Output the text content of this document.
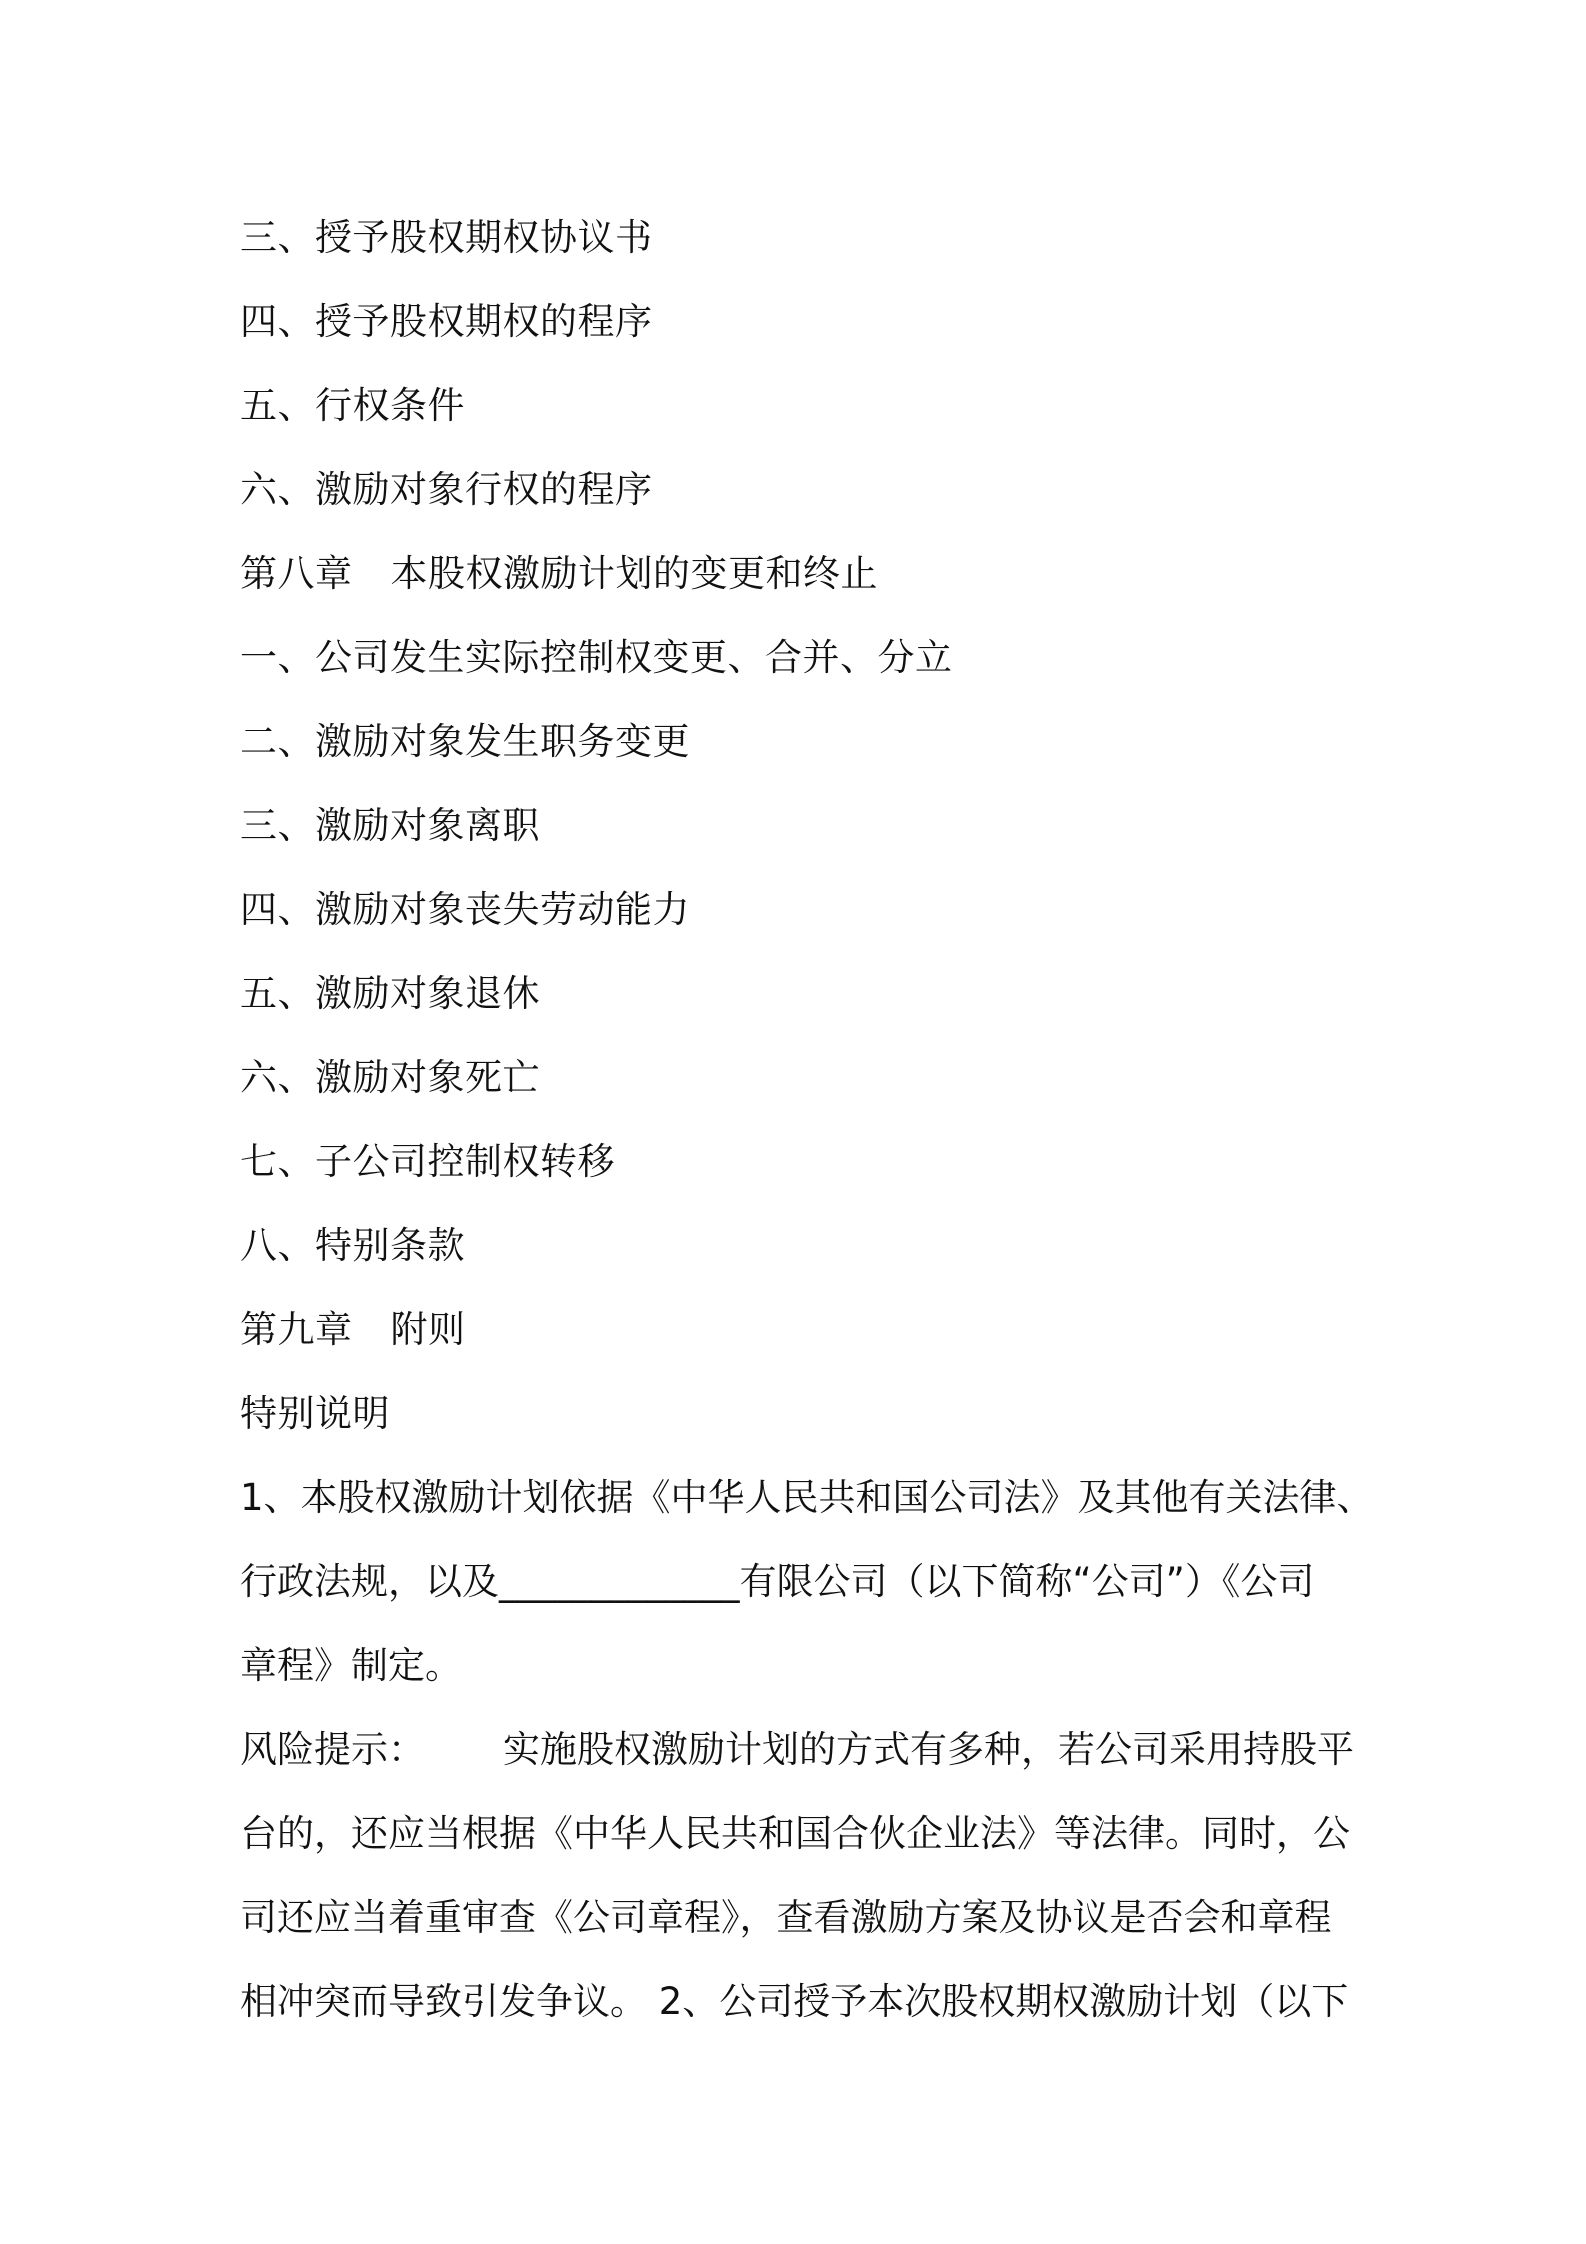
三、授予股权期权协议书
四、授予股权期权的程序
五、行权条件
六、激励对象行权的程序
第八章 本股权激励计划的变更和终止
一、公司发生实际控制权变更、合并、分立
二、激励对象发生职务变更
三、激励对象离职
四、激励对象丧失劳动能力
五、激励对象退休
六、激励对象死亡
七、子公司控制权转移
八、特别条款
第九章 附则
特别说明
1、本股权激励计划依据《中华人民共和国公司法》及其他有关法律、
行政法规，以及_____________有限公司（以下简称“公司”）《公司
章程》制定。
风险提示： 实施股权激励计划的方式有多种，若公司采用持股平
台的，还应当根据《中华人民共和国合伙企业法》等法律。同时，公
司还应当着重审查《公司章程》，查看激励方案及协议是否会和章程
相冲突而导致引发争议。 2、公司授予本次股权期权激励计划（以下
